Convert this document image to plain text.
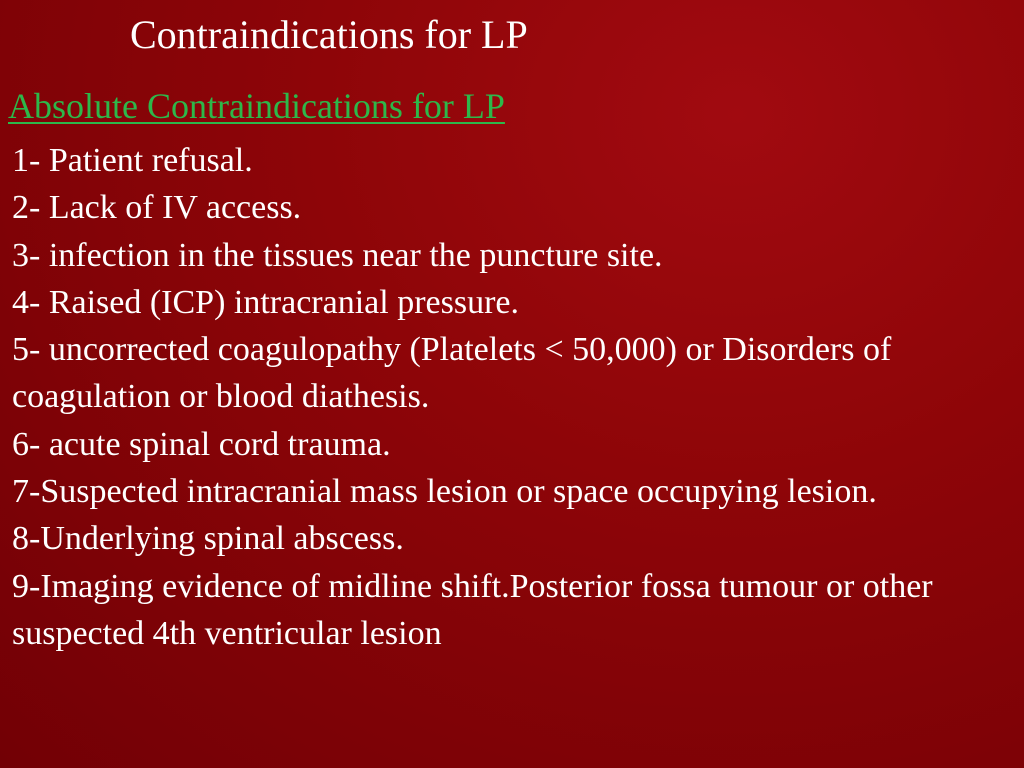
Contraindications for LP
Absolute Contraindications for LP
1- Patient refusal.
2- Lack of IV access.
3- infection in the tissues near the puncture site.
4- Raised (ICP) intracranial pressure.
5- uncorrected coagulopathy (Platelets < 50,000) or Disorders of coagulation or blood diathesis.
6- acute spinal cord trauma.
7-Suspected intracranial mass lesion or space occupying lesion.
8-Underlying spinal abscess.
9-Imaging evidence of midline shift.Posterior fossa tumour or other suspected 4th ventricular lesion
